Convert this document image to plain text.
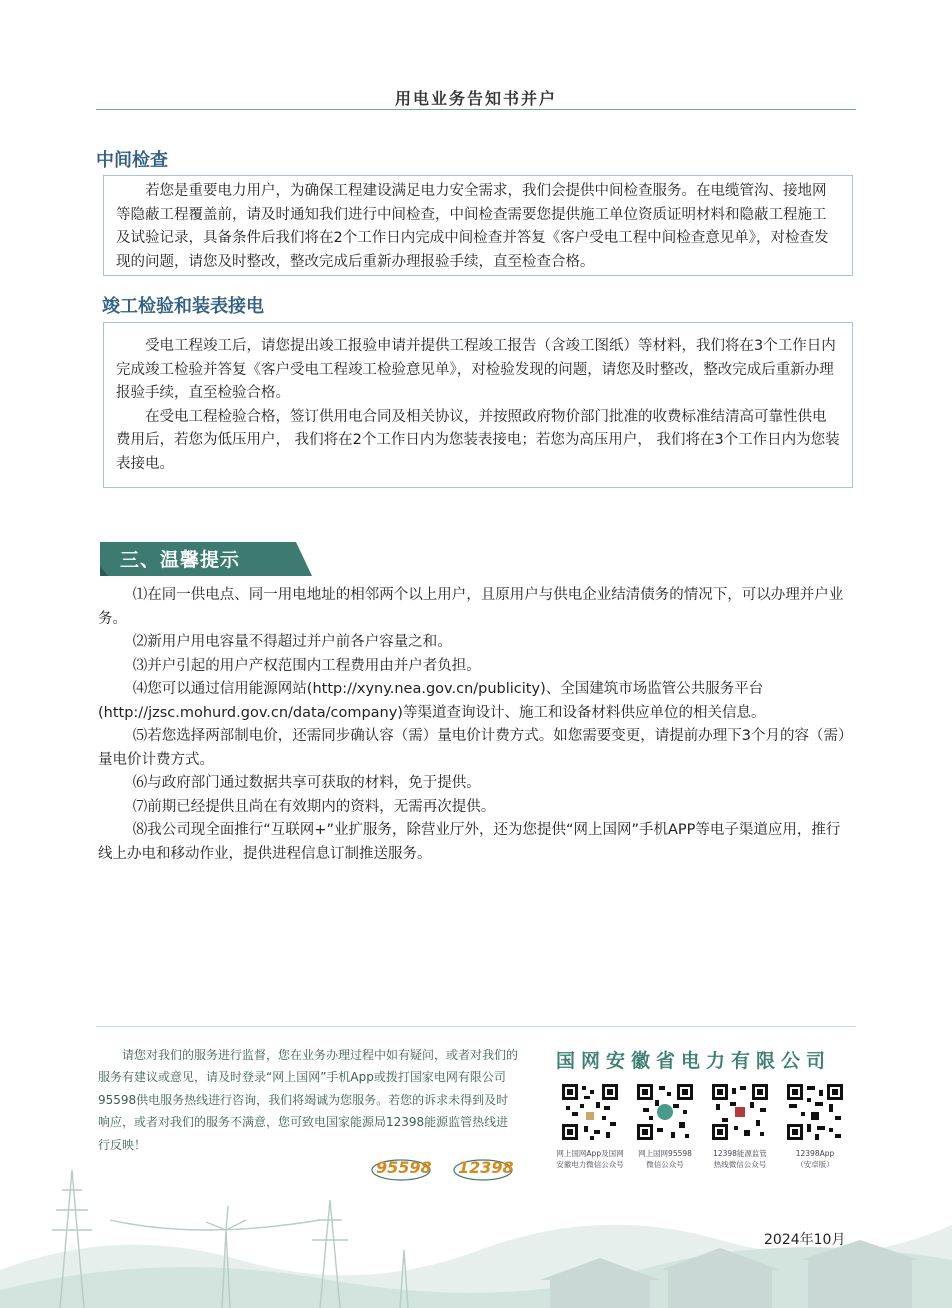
用电业务告知书并户
中间检查

若您是重要电力用户，为确保工程建设满足电力安全需求，我们会提供中间检查服务。在电缆管沟、接地网等隐蔽工程覆盖前，请及时通知我们进行中间检查，中间检查需要您提供施工单位资质证明材料和隐蔽工程施工及试验记录，具备条件后我们将在2个工作日内完成中间检查并答复《客户受电工程中间检查意见单》，对检查发现的问题，请您及时整改，整改完成后重新办理报验手续，直至检查合格。

竣工检验和装表接电

受电工程竣工后，请您提出竣工报验申请并提供工程竣工报告（含竣工图纸）等材料，我们将在3个工作日内完成竣工检验并答复《客户受电工程竣工检验意见单》，对检验发现的问题，请您及时整改，整改完成后重新办理报验手续，直至检验合格。

在受电工程检验合格，签订供用电合同及相关协议，并按照政府物价部门批准的收费标准结清高可靠性供电费用后，若您为低压用户， 我们将在2个工作日内为您装表接电；若您为高压用户， 我们将在3个工作日内为您装表接电。

三、温馨提示

⑴在同一供电点、同一用电地址的相邻两个以上用户，且原用户与供电企业结清债务的情况下，可以办理并户业务。

⑵新用户用电容量不得超过并户前各户容量之和。

⑶并户引起的用户产权范围内工程费用由并户者负担。

⑷您可以通过信用能源网站(http://xyny.nea.gov.cn/publicity)、全国建筑市场监管公共服务平台(http://jzsc.mohurd.gov.cn/data/company)等渠道查询设计、施工和设备材料供应单位的相关信息。

⑸若您选择两部制电价，还需同步确认容（需）量电价计费方式。如您需要变更，请提前办理下3个月的容（需）量电价计费方式。

⑹与政府部门通过数据共享可获取的材料，免于提供。

⑺前期已经提供且尚在有效期内的资料，无需再次提供。

⑻我公司现全面推行“互联网+”业扩服务，除营业厅外，还为您提供“网上国网”手机APP等电子渠道应用，推行线上办电和移动作业，提供进程信息订制推送服务。

请您对我们的服务进行监督，您在业务办理过程中如有疑问，或者对我们的服务有建议或意见，请及时登录“网上国网”手机App或拨打国家电网有限公司95598供电服务热线进行咨询，我们将竭诚为您服务。若您的诉求未得到及时响应，或者对我们的服务不满意，您可致电国家能源局12398能源监管热线进行反映！
国网安徽省电力有限公司
网上国网App及国网
安徽电力微信公众号
网上国网95598
微信公众号
12398能源监管
热线微信公众号
12398App
（安卓版）
95598 12398
2024年10月
